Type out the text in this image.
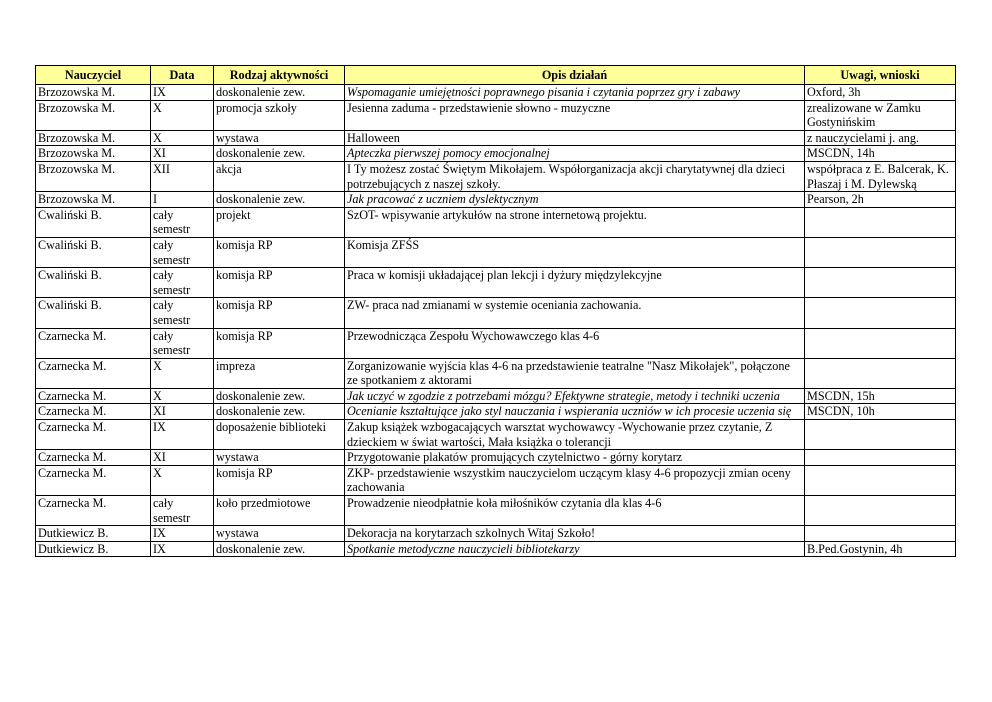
Nauczyciel	Data	Rodzaj aktywności	Opis działań	Uwagi, wnioski
Brzozowska M.	IX	doskonalenie zew.	Wspomaganie umiejętności poprawnego pisania i czytania poprzez gry i zabawy	Oxford, 3h
Brzozowska M.	X	promocja szkoły	Jesienna zaduma - przedstawienie słowno - muzyczne	zrealizowane w Zamku Gostynińskim
Brzozowska M.	X	wystawa	Halloween	z nauczycielami j. ang.
Brzozowska M.	XI	doskonalenie zew.	Apteczka pierwszej pomocy emocjonalnej	MSCDN, 14h
Brzozowska M.	XII	akcja	I Ty możesz zostać Świętym Mikołajem. Współorganizacja akcji charytatywnej dla dzieci potrzebujących z naszej szkoły.	współpraca z E. Balcerak, K. Płaszaj i M. Dylewską
Brzozowska M.	I	doskonalenie zew.	Jak pracować z uczniem dyslektycznym	Pearson, 2h
Cwaliński B.	cały semestr	projekt	SzOT- wpisywanie artykułów na strone internetową projektu.	
Cwaliński B.	cały semestr	komisja RP	Komisja ZFŚS	
Cwaliński B.	cały semestr	komisja RP	Praca w komisji układającej plan lekcji i dyżury międzylekcyjne	
Cwaliński B.	cały semestr	komisja RP	ZW- praca nad zmianami w systemie oceniania zachowania.	
Czarnecka M.	cały semestr	komisja RP	Przewodnicząca Zespołu Wychowawczego klas 4-6	
Czarnecka M.	X	impreza	Zorganizowanie wyjścia klas 4-6 na przedstawienie teatralne "Nasz Mikołajek", połączone ze spotkaniem z aktorami	
Czarnecka M.	X	doskonalenie zew.	Jak uczyć w zgodzie z potrzebami mózgu? Efektywne strategie, metody i techniki uczenia	MSCDN, 15h
Czarnecka M.	XI	doskonalenie zew.	Ocenianie kształtujące jako styl nauczania i wspierania uczniów w ich procesie uczenia się	MSCDN, 10h
Czarnecka M.	IX	doposażenie biblioteki	Zakup książek wzbogacających warsztat wychowawcy -Wychowanie przez czytanie, Z dzieckiem w świat wartości, Mała książka o tolerancji	
Czarnecka M.	XI	wystawa	Przygotowanie plakatów promujących czytelnictwo - górny korytarz	
Czarnecka M.	X	komisja RP	ZKP- przedstawienie wszystkim nauczycielom uczącym klasy 4-6 propozycji zmian oceny zachowania	
Czarnecka M.	cały semestr	koło przedmiotowe	Prowadzenie nieodpłatnie koła miłośników czytania dla klas 4-6	
Dutkiewicz B.	IX	wystawa	Dekoracja na korytarzach szkolnych Witaj Szkoło!	
Dutkiewicz B.	IX	doskonalenie zew.	Spotkanie metodyczne nauczycieli bibliotekarzy	B.Ped.Gostynin, 4h
